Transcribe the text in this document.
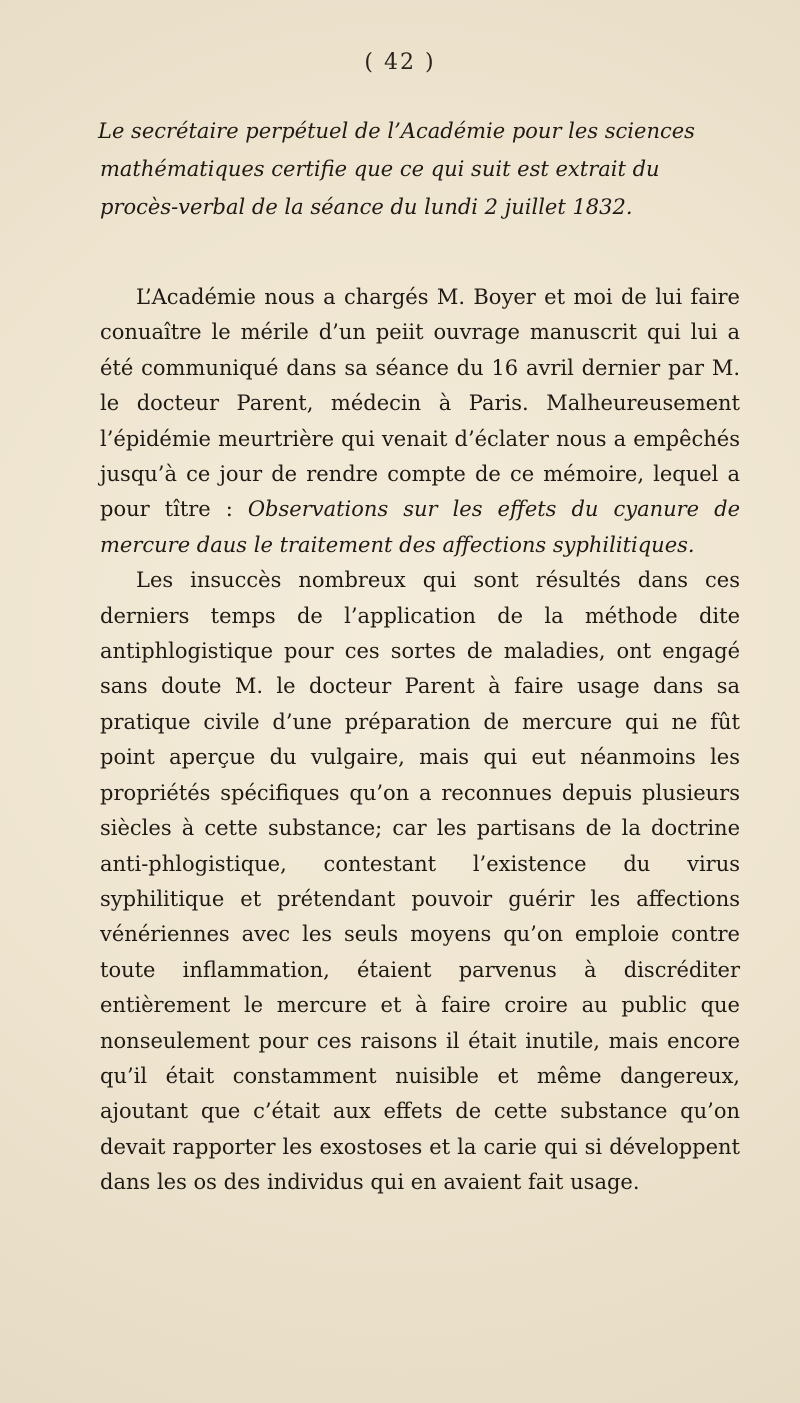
( 42 )
Le secrétaire perpétuel de l’Académie pour les sciences mathématiques certifie que ce qui suit est extrait du procès-verbal de la séance du lundi 2 juillet 1832.

L’Académie nous a chargés M. Boyer et moi de lui faire conuaître le mérile d’un peiit ouvrage manuscrit qui lui a été communiqué dans sa séance du 16 avril dernier par M. le docteur Parent, médecin à Paris. Malheureusement l’épidémie meurtrière qui venait d’éclater nous a empêchés jusqu’à ce jour de rendre compte de ce mémoire, lequel a pour tître : Observations sur les effets du cyanure de mercure daus le traitement des affections syphilitiques.

Les insuccès nombreux qui sont résultés dans ces derniers temps de l’application de la méthode dite antiphlogistique pour ces sortes de maladies, ont engagé sans doute M. le docteur Parent à faire usage dans sa pratique civile d’une préparation de mercure qui ne fût point aperçue du vulgaire, mais qui eut néanmoins les propriétés spécifiques qu’on a reconnues depuis plusieurs siècles à cette substance; car les partisans de la doctrine anti-phlogistique, contestant l’existence du virus syphilitique et prétendant pouvoir guérir les affections vénériennes avec les seuls moyens qu’on emploie contre toute inflammation, étaient parvenus à discréditer entièrement le mercure et à faire croire au public que nonseulement pour ces raisons il était inutile, mais encore qu’il était constamment nuisible et même dangereux, ajoutant que c’était aux effets de cette substance qu’on devait rapporter les exostoses et la carie qui si développent dans les os des individus qui en avaient fait usage.
